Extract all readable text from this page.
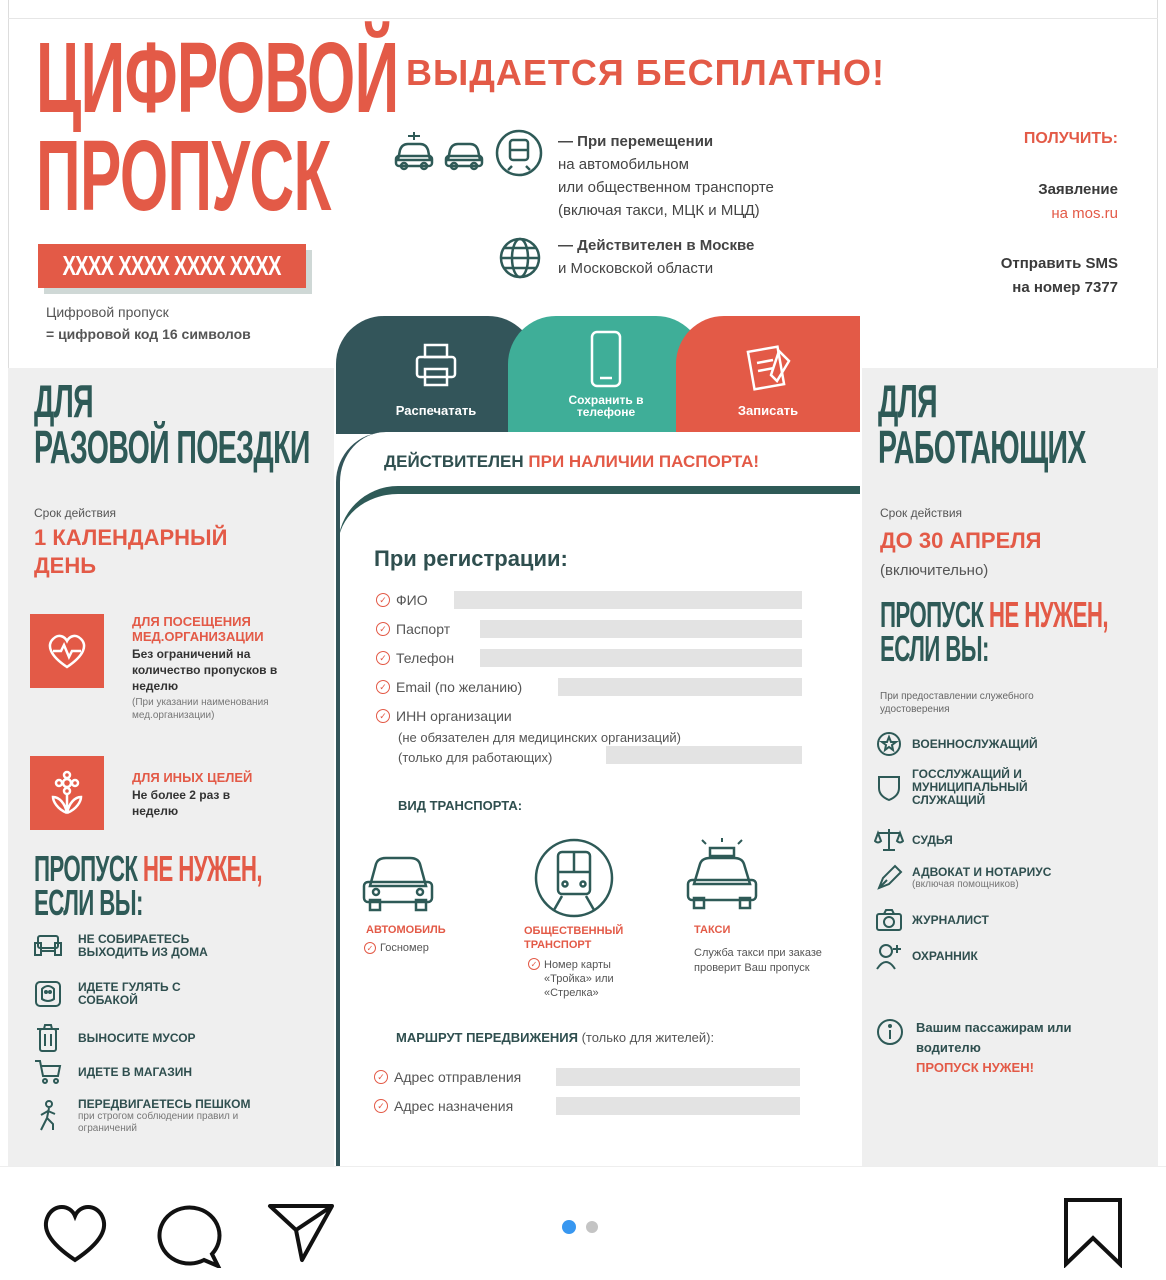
ЦИФРОВОЙ
ПРОПУСК
XXXX XXXX XXXX XXXX
Цифровой пропуск
= цифровой код 16 символов
ВЫДАЕТСЯ БЕСПЛАТНО!
— При перемещении
на автомобильном
или общественном транспорте
(включая такси, МЦК и МЦД)
— Действителен в Москве
и Московской области
ПОЛУЧИТЬ:
Заявление
на mos.ru
Отправить SMS
на номер 7377
ДЛЯ
РАЗОВОЙ ПОЕЗДКИ
Срок действия
1 КАЛЕНДАРНЫЙ
ДЕНЬ
ДЛЯ ПОСЕЩЕНИЯ МЕД.ОРГАНИЗАЦИИ
Без ограничений на количество пропусков в неделю
(При указании наименования мед.организации)
ДЛЯ ИНЫХ ЦЕЛЕЙ
Не более 2 раз в неделю
ПРОПУСК НЕ НУЖЕН,
ЕСЛИ ВЫ:
НЕ СОБИРАЕТЕСЬ ВЫХОДИТЬ ИЗ ДОМА
ИДЕТЕ ГУЛЯТЬ С СОБАКОЙ
ВЫНОСИТЕ МУСОР
ИДЕТЕ В МАГАЗИН
ПЕРЕДВИГАЕТЕСЬ ПЕШКОМ
при строгом соблюдении правил и ограничений
ДЛЯ
РАБОТАЮЩИХ
Срок действия
ДО 30 АПРЕЛЯ
(включительно)
ПРОПУСК НЕ НУЖЕН,
ЕСЛИ ВЫ:
При предоставлении служебного удостоверения
ВОЕННОСЛУЖАЩИЙ
ГОССЛУЖАЩИЙ И МУНИЦИПАЛЬНЫЙ СЛУЖАЩИЙ
СУДЬЯ
АДВОКАТ И НОТАРИУС
(включая помощников)
ЖУРНАЛИСТ
ОХРАННИК
Вашим пассажирам или водителю
ПРОПУСК НУЖЕН!
Распечатать
Сохранить в телефоне	Записать
ДЕЙСТВИТЕЛЕН ПРИ НАЛИЧИИ ПАСПОРТА!
При регистрации:
✓ ФИО
✓ Паспорт
✓ Телефон
✓ Email (по желанию)
✓ ИНН организации
(не обязателен для медицинских организаций)
(только для работающих)
ВИД ТРАНСПОРТА:
АВТОМОБИЛЬ
✓ Госномер
ОБЩЕСТВЕННЫЙ ТРАНСПОРТ
✓ Номер карты «Тройка» или «Стрелка»
ТАКСИ
Служба такси при заказе проверит Ваш пропуск
МАРШРУТ ПЕРЕДВИЖЕНИЯ (только для жителей):
✓ Адрес отправления
✓ Адрес назначения
